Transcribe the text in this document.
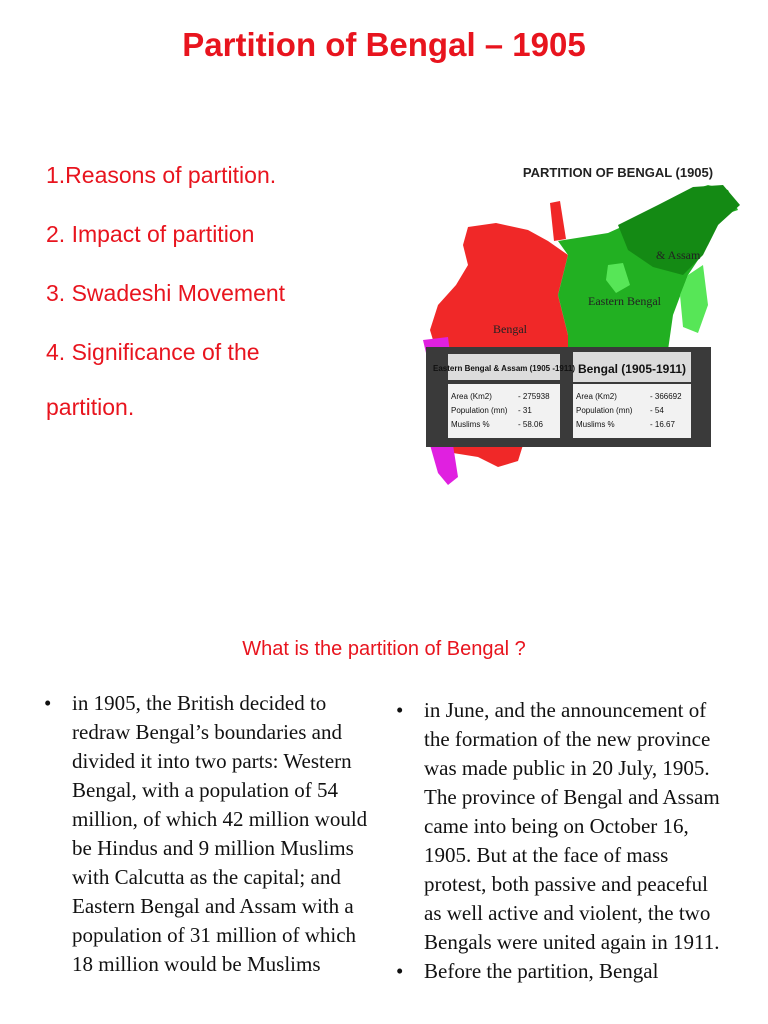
Partition of Bengal – 1905
1.Reasons of partition.
2. Impact of partition
3. Swadeshi Movement
4. Significance of the partition.
PARTITION OF BENGAL (1905)
Bengal
Eastern Bengal
& Assam
Eastern Bengal & Assam (1905 -1911) Bengal (1905-1911)
Area (Km2)	- 275938
Population (mn) - 31
Muslims %	- 58.06
Area (Km2)	- 366692
Population (mn) - 54
Muslims %	- 16.67
What is the partition of Bengal ?
• in 1905, the British decided to redraw Bengal’s boundaries and divided it into two parts: Western Bengal, with a population of 54 million, of which 42 million would be Hindus and 9 million Muslims with Calcutta as the capital; and Eastern Bengal and Assam with a population of 31 million of which 18 million would be Muslims
• in June, and the announcement of the formation of the new province was made public in 20 July, 1905. The province of Bengal and Assam came into being on October 16, 1905. But at the face of mass protest, both passive and peaceful as well active and violent, the two Bengals were united again in 1911.
• Before the partition, Bengal
